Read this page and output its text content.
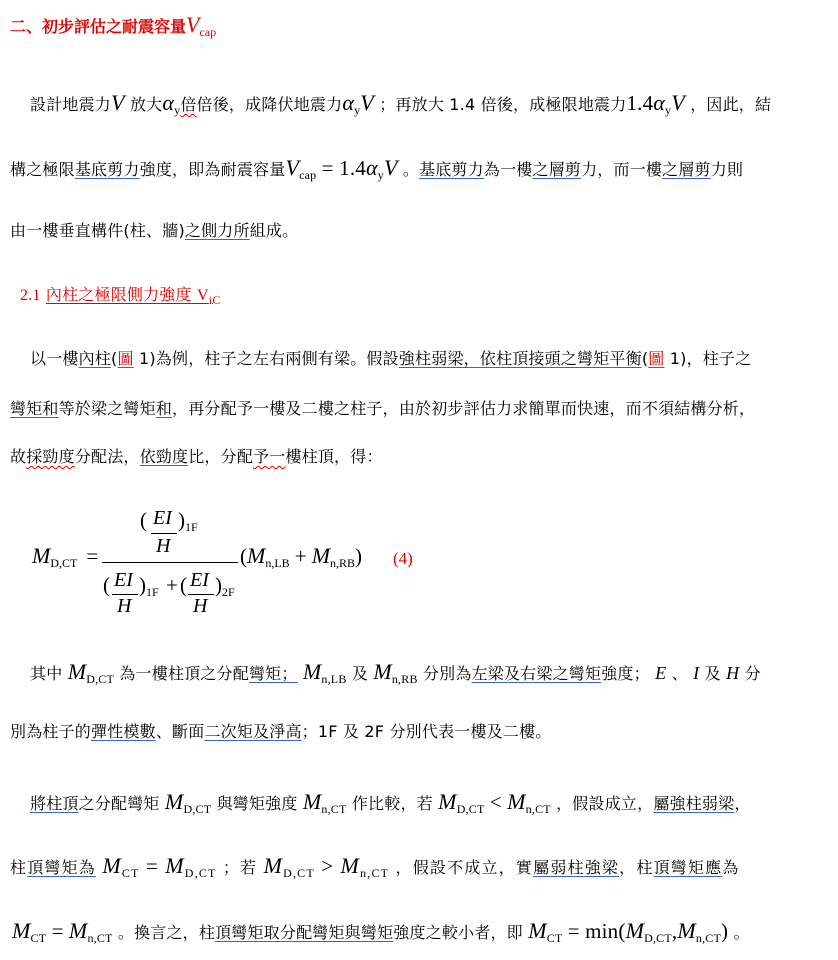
二、初步評估之耐震容量$V_{cap}$
設計地震力V 放大$\alpha_y$倍倍後，成降伏地震力$\alpha_yV$ ；再放大 1.4 倍後，成極限地震力$1.4\alpha_yV$ ，因此，結
構之極限基底剪力強度，即為耐震容量$V_{cap} = 1.4\alpha_yV$ 。基底剪力為一樓之層剪力，而一樓之層剪力則
由一樓垂直構件(柱、牆)之側力所組成。
2.1 內柱之極限側力強度 $V_{iC}$
以一樓內柱(圖 1)為例，柱子之左右兩側有梁。假設強柱弱梁，依柱頂接頭之彎矩平衡(圖 1)，柱子之
彎矩和等於梁之彎矩和，再分配予一樓及二樓之柱子，由於初步評估力求簡單而快速，而不須結構分析，
故採勁度分配法，依勁度比，分配予一樓柱頂，得：
$M_{D,CT}$ =
( EI
H
)$_{1F}$
( EI
H
)$_{1F}$ + ( EI
H
)$_{2F}$
$(M_{n,LB} + M_{n,RB})$ (4)
其中 $M_{D,CT}$ 為一樓柱頂之分配彎矩； $M_{n,LB}$ 及 $M_{n,RB}$ 分別為左梁及右梁之彎矩強度； E 、 I 及 H 分
別為柱子的彈性模數、斷面二次矩及淨高；1F 及 2F 分別代表一樓及二樓。
將柱頂之分配彎矩 $M_{D,CT}$ 與彎矩強度 $M_{n,CT}$ 作比較，若 $M_{D,CT} < M_{n,CT}$ ，假設成立，屬強柱弱梁，
柱頂彎矩為 $M_{CT} = M_{D,CT}$ ；若 $M_{D,CT} > M_{n,CT}$ ，假設不成立，實屬弱柱強梁，柱頂彎矩應為
$M_{CT} = M_{n,CT}$ 。換言之，柱頂彎矩取分配彎矩與彎矩強度之較小者，即 $M_{CT} = \min(M_{D,CT},M_{n,CT})$ 。
